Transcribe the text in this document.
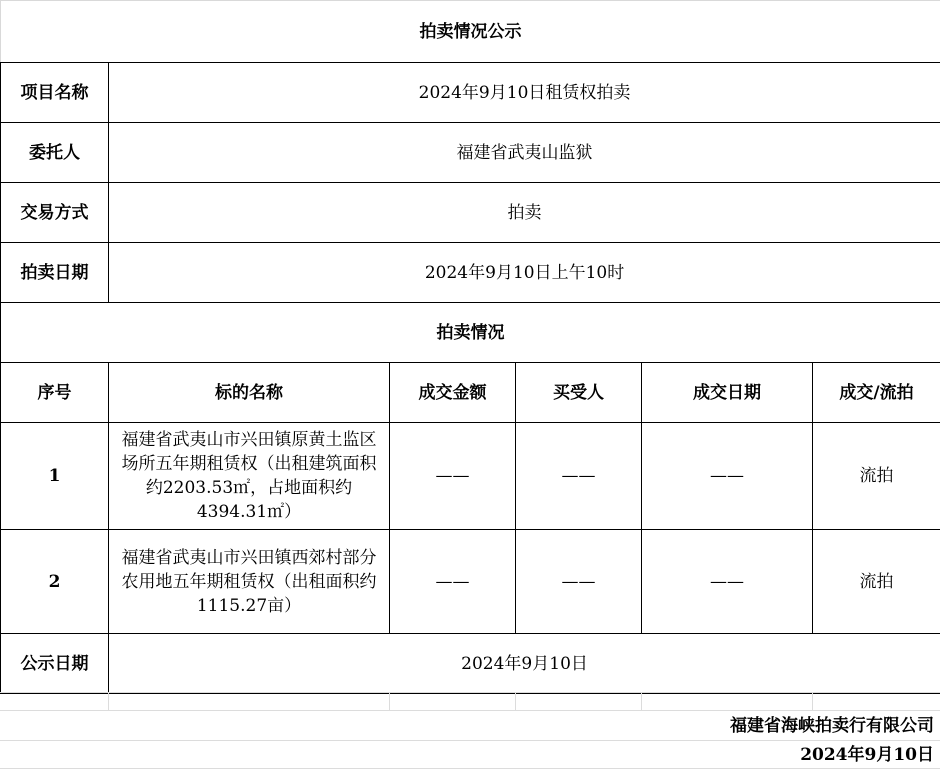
拍卖情况公示					
项目名称	2024年9月10日租赁权拍卖				
委托人	福建省武夷山监狱				
交易方式	拍卖				
拍卖日期	2024年9月10日上午10时				
拍卖情况					
序号	标的名称	成交金额	买受人	成交日期	成交/流拍
1	福建省武夷山市兴田镇原黄土监区场所五年期租赁权（出租建筑面积约2203.53㎡，占地面积约4394.31㎡）	——	——	——	流拍
2	福建省武夷山市兴田镇西郊村部分农用地五年期租赁权（出租面积约1115.27亩）	——	——	——	流拍
公示日期	2024年9月10日				
福建省海峡拍卖行有限公司
2024年9月10日
